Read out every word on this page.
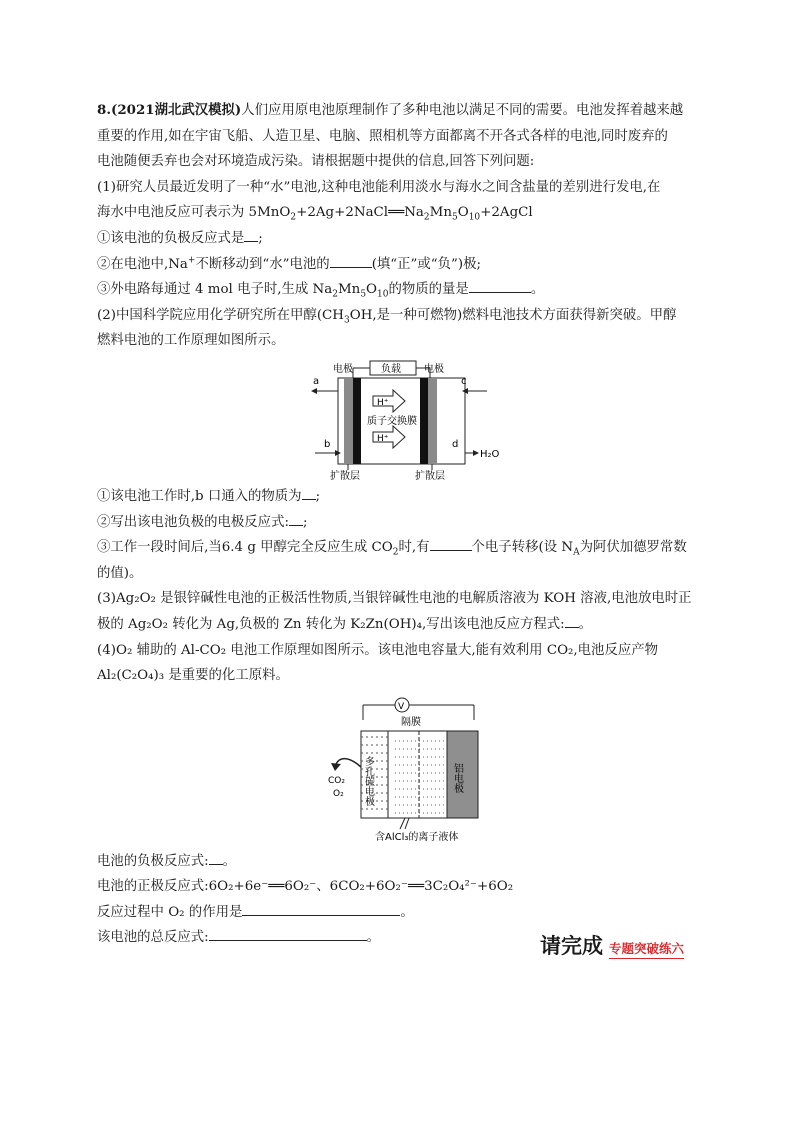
8.(2021湖北武汉模拟)人们应用原电池原理制作了多种电池以满足不同的需要。电池发挥着越来越
重要的作用,如在宇宙飞船、人造卫星、电脑、照相机等方面都离不开各式各样的电池,同时废弃的
电池随便丢弃也会对环境造成污染。请根据题中提供的信息,回答下列问题:
(1)研究人员最近发明了一种“水”电池,这种电池能利用淡水与海水之间含盐量的差别进行发电,在
海水中电池反应可表示为 $5MnO_2+2Ag+2NaCl══Na_2Mn_5O_{10}+2AgCl$
①该电池的负极反应式是 ;
②在电池中,Na+不断移动到“水”电池的	(填“正”或“负”)极;
③外电路每通过 4 mol 电子时,生成 $Na_2Mn_5O_{10}$的物质的量是	。
(2)中国科学院应用化学研究所在甲醇($CH_3OH$,是一种可燃物)燃料电池技术方面获得新突破。甲醇
燃料电池的工作原理如图所示。
电极	电极
负载
H⁺
质子交换膜
H⁺
a
b
c
d
H₂O
扩散层	扩散层
①该电池工作时,b 口通入的物质为 ;
②写出该电池负极的电极反应式: ;
③工作一段时间后,当6.4 g 甲醇完全反应生成 $CO_2$时,有	个电子转移(设 $N_A$为阿伏加德罗常数
的值)。
(3)Ag₂O₂ 是银锌碱性电池的正极活性物质,当银锌碱性电池的电解质溶液为 KOH 溶液,电池放电时正
极的 Ag₂O₂ 转化为 Ag,负极的 Zn 转化为 K₂Zn(OH)₄,写出该电池反应方程式: 。
(4)O₂ 辅助的 Al-CO₂ 电池工作原理如图所示。该电池电容量大,能有效利用 CO₂,电池反应产物
Al₂(C₂O₄)₃ 是重要的化工原料。
V
隔膜
多孔碳电极	铝电极
CO₂
O₂
含AlCl₃的离子液体
电池的负极反应式: 。
电池的正极反应式:6O₂+6e⁻══6O₂⁻、6CO₂+6O₂⁻══3C₂O₄²⁻+6O₂
反应过程中 O₂ 的作用是	。
该电池的总反应式:	。	请完成 专题突破练六
